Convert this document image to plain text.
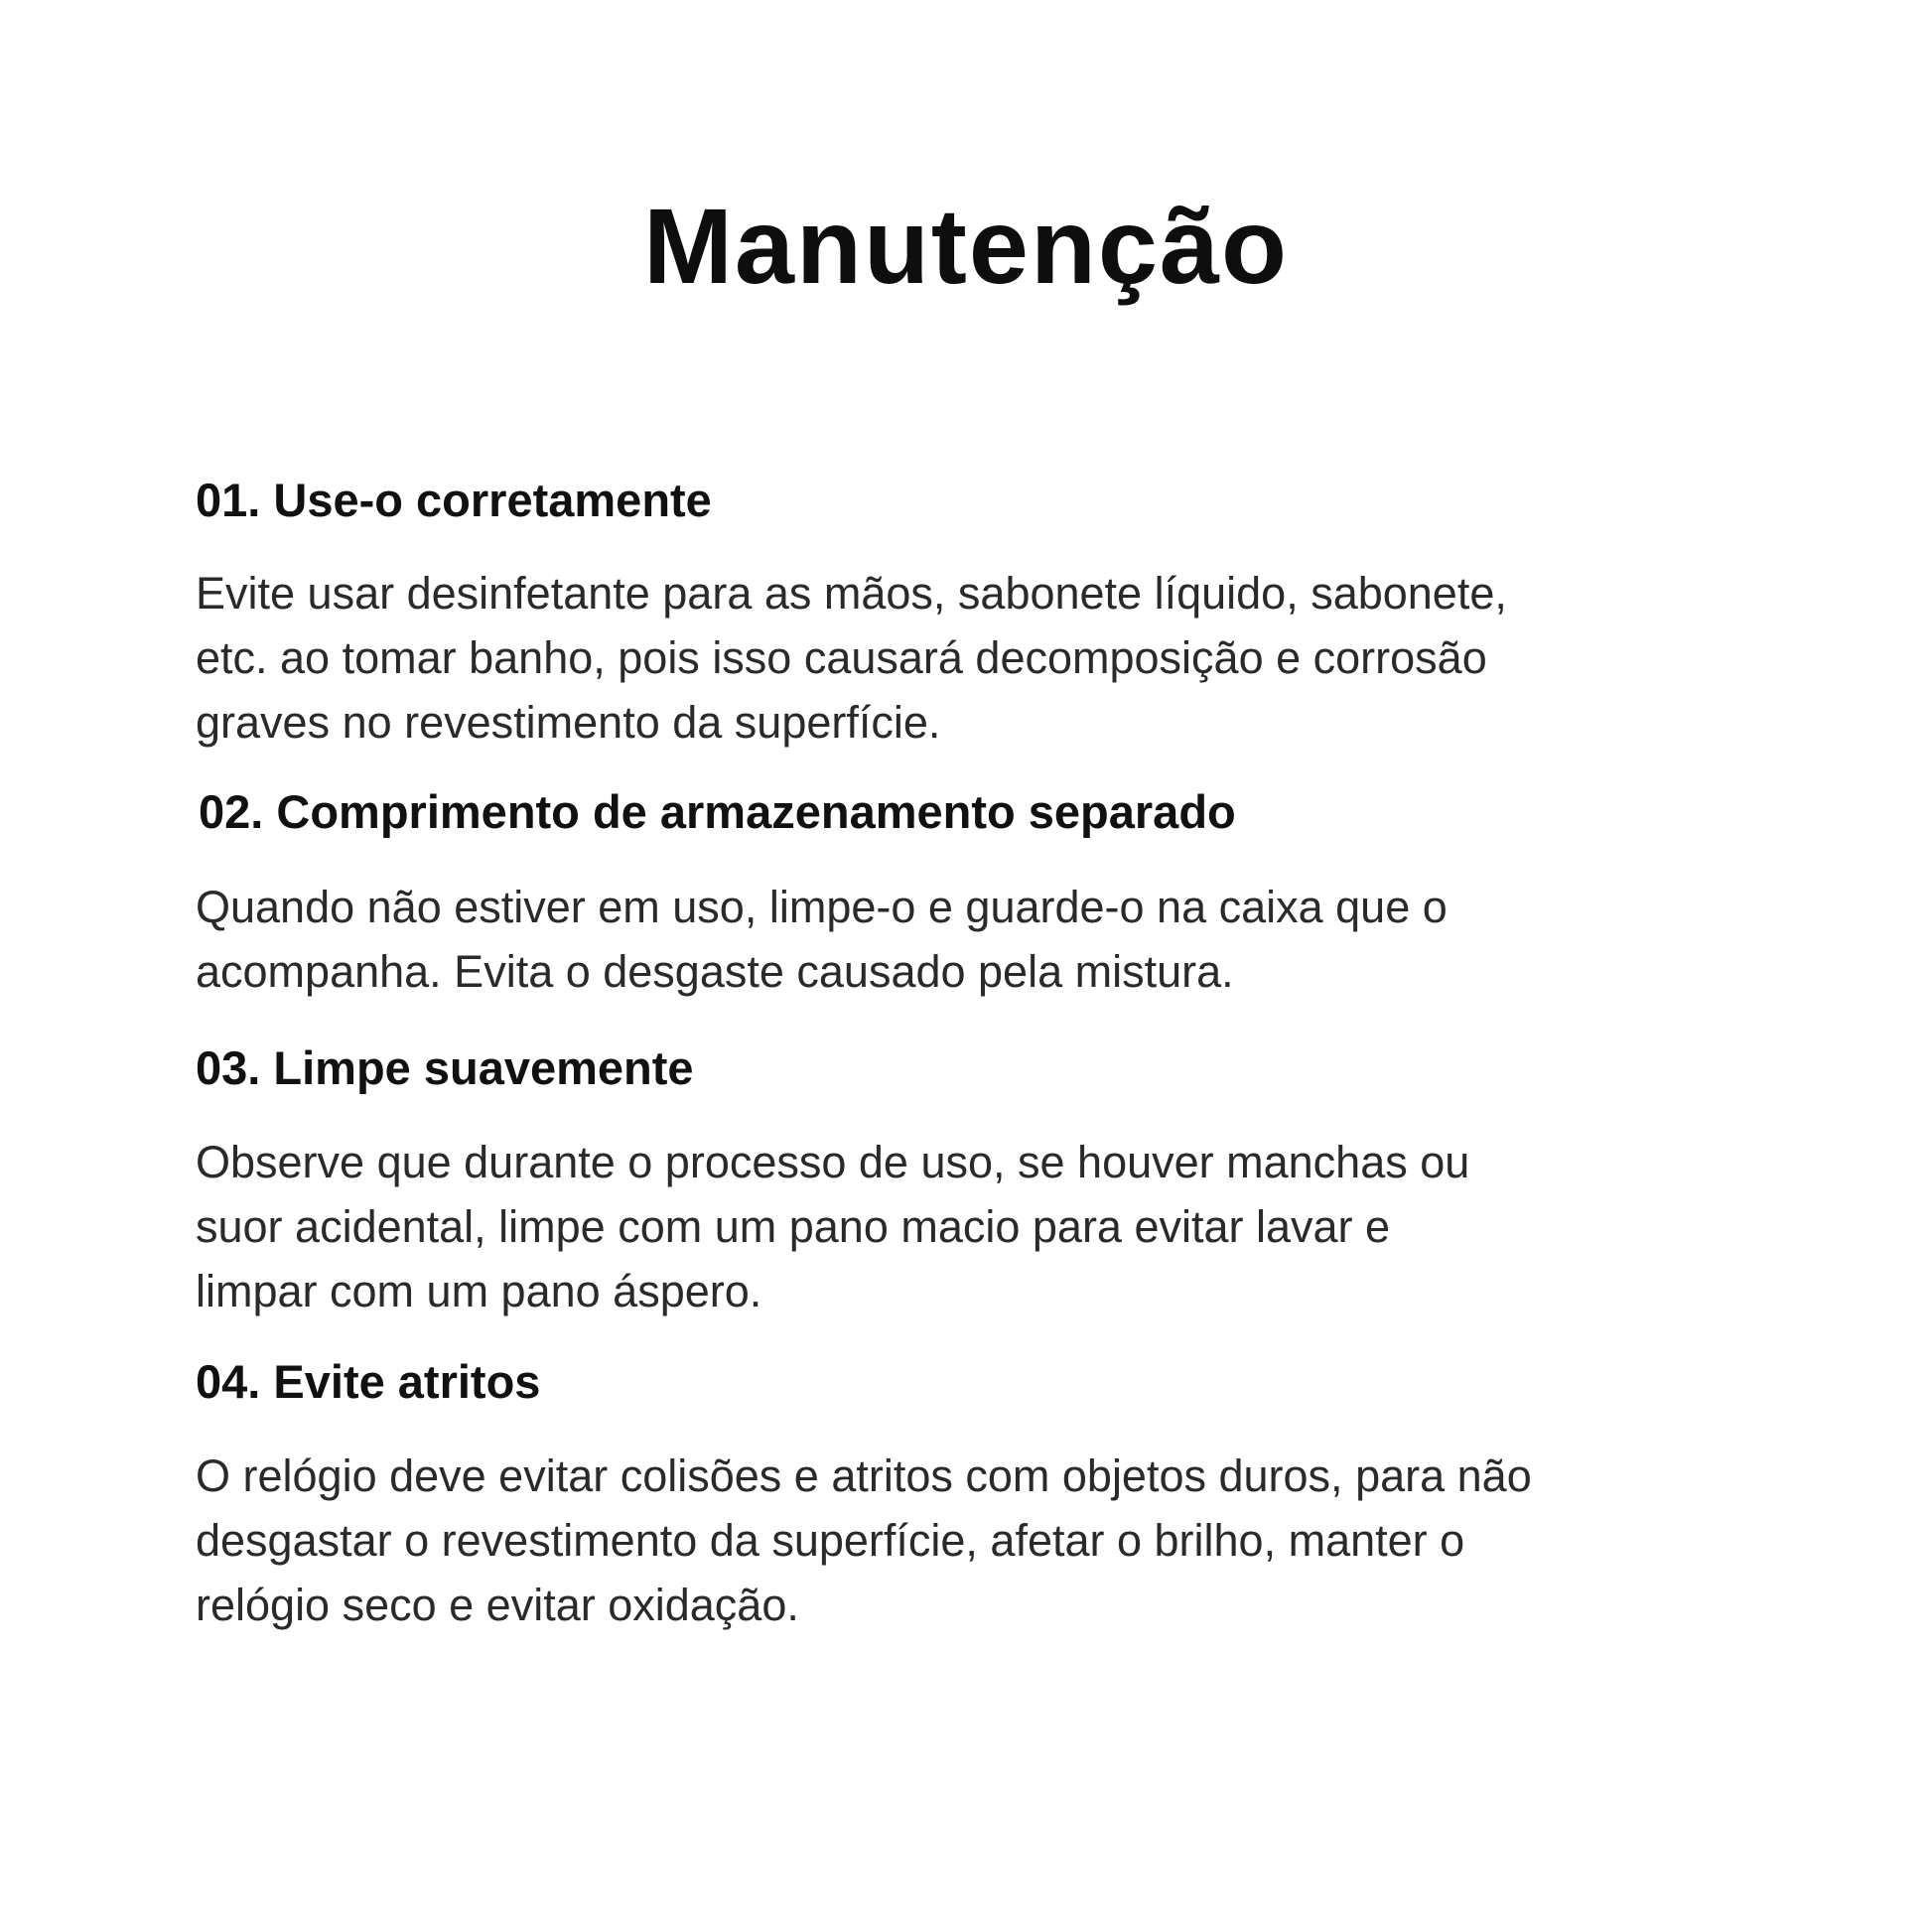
Manutenção
01. Use-o corretamente
Evite usar desinfetante para as mãos, sabonete líquido, sabonete,
etc. ao tomar banho, pois isso causará decomposição e corrosão
graves no revestimento da superfície.
02. Comprimento de armazenamento separado
Quando não estiver em uso, limpe-o e guarde-o na caixa que o
acompanha. Evita o desgaste causado pela mistura.
03. Limpe suavemente
Observe que durante o processo de uso, se houver manchas ou
suor acidental, limpe com um pano macio para evitar lavar e
limpar com um pano áspero.
04. Evite atritos
O relógio deve evitar colisões e atritos com objetos duros, para não
desgastar o revestimento da superfície, afetar o brilho, manter o
relógio seco e evitar oxidação.
